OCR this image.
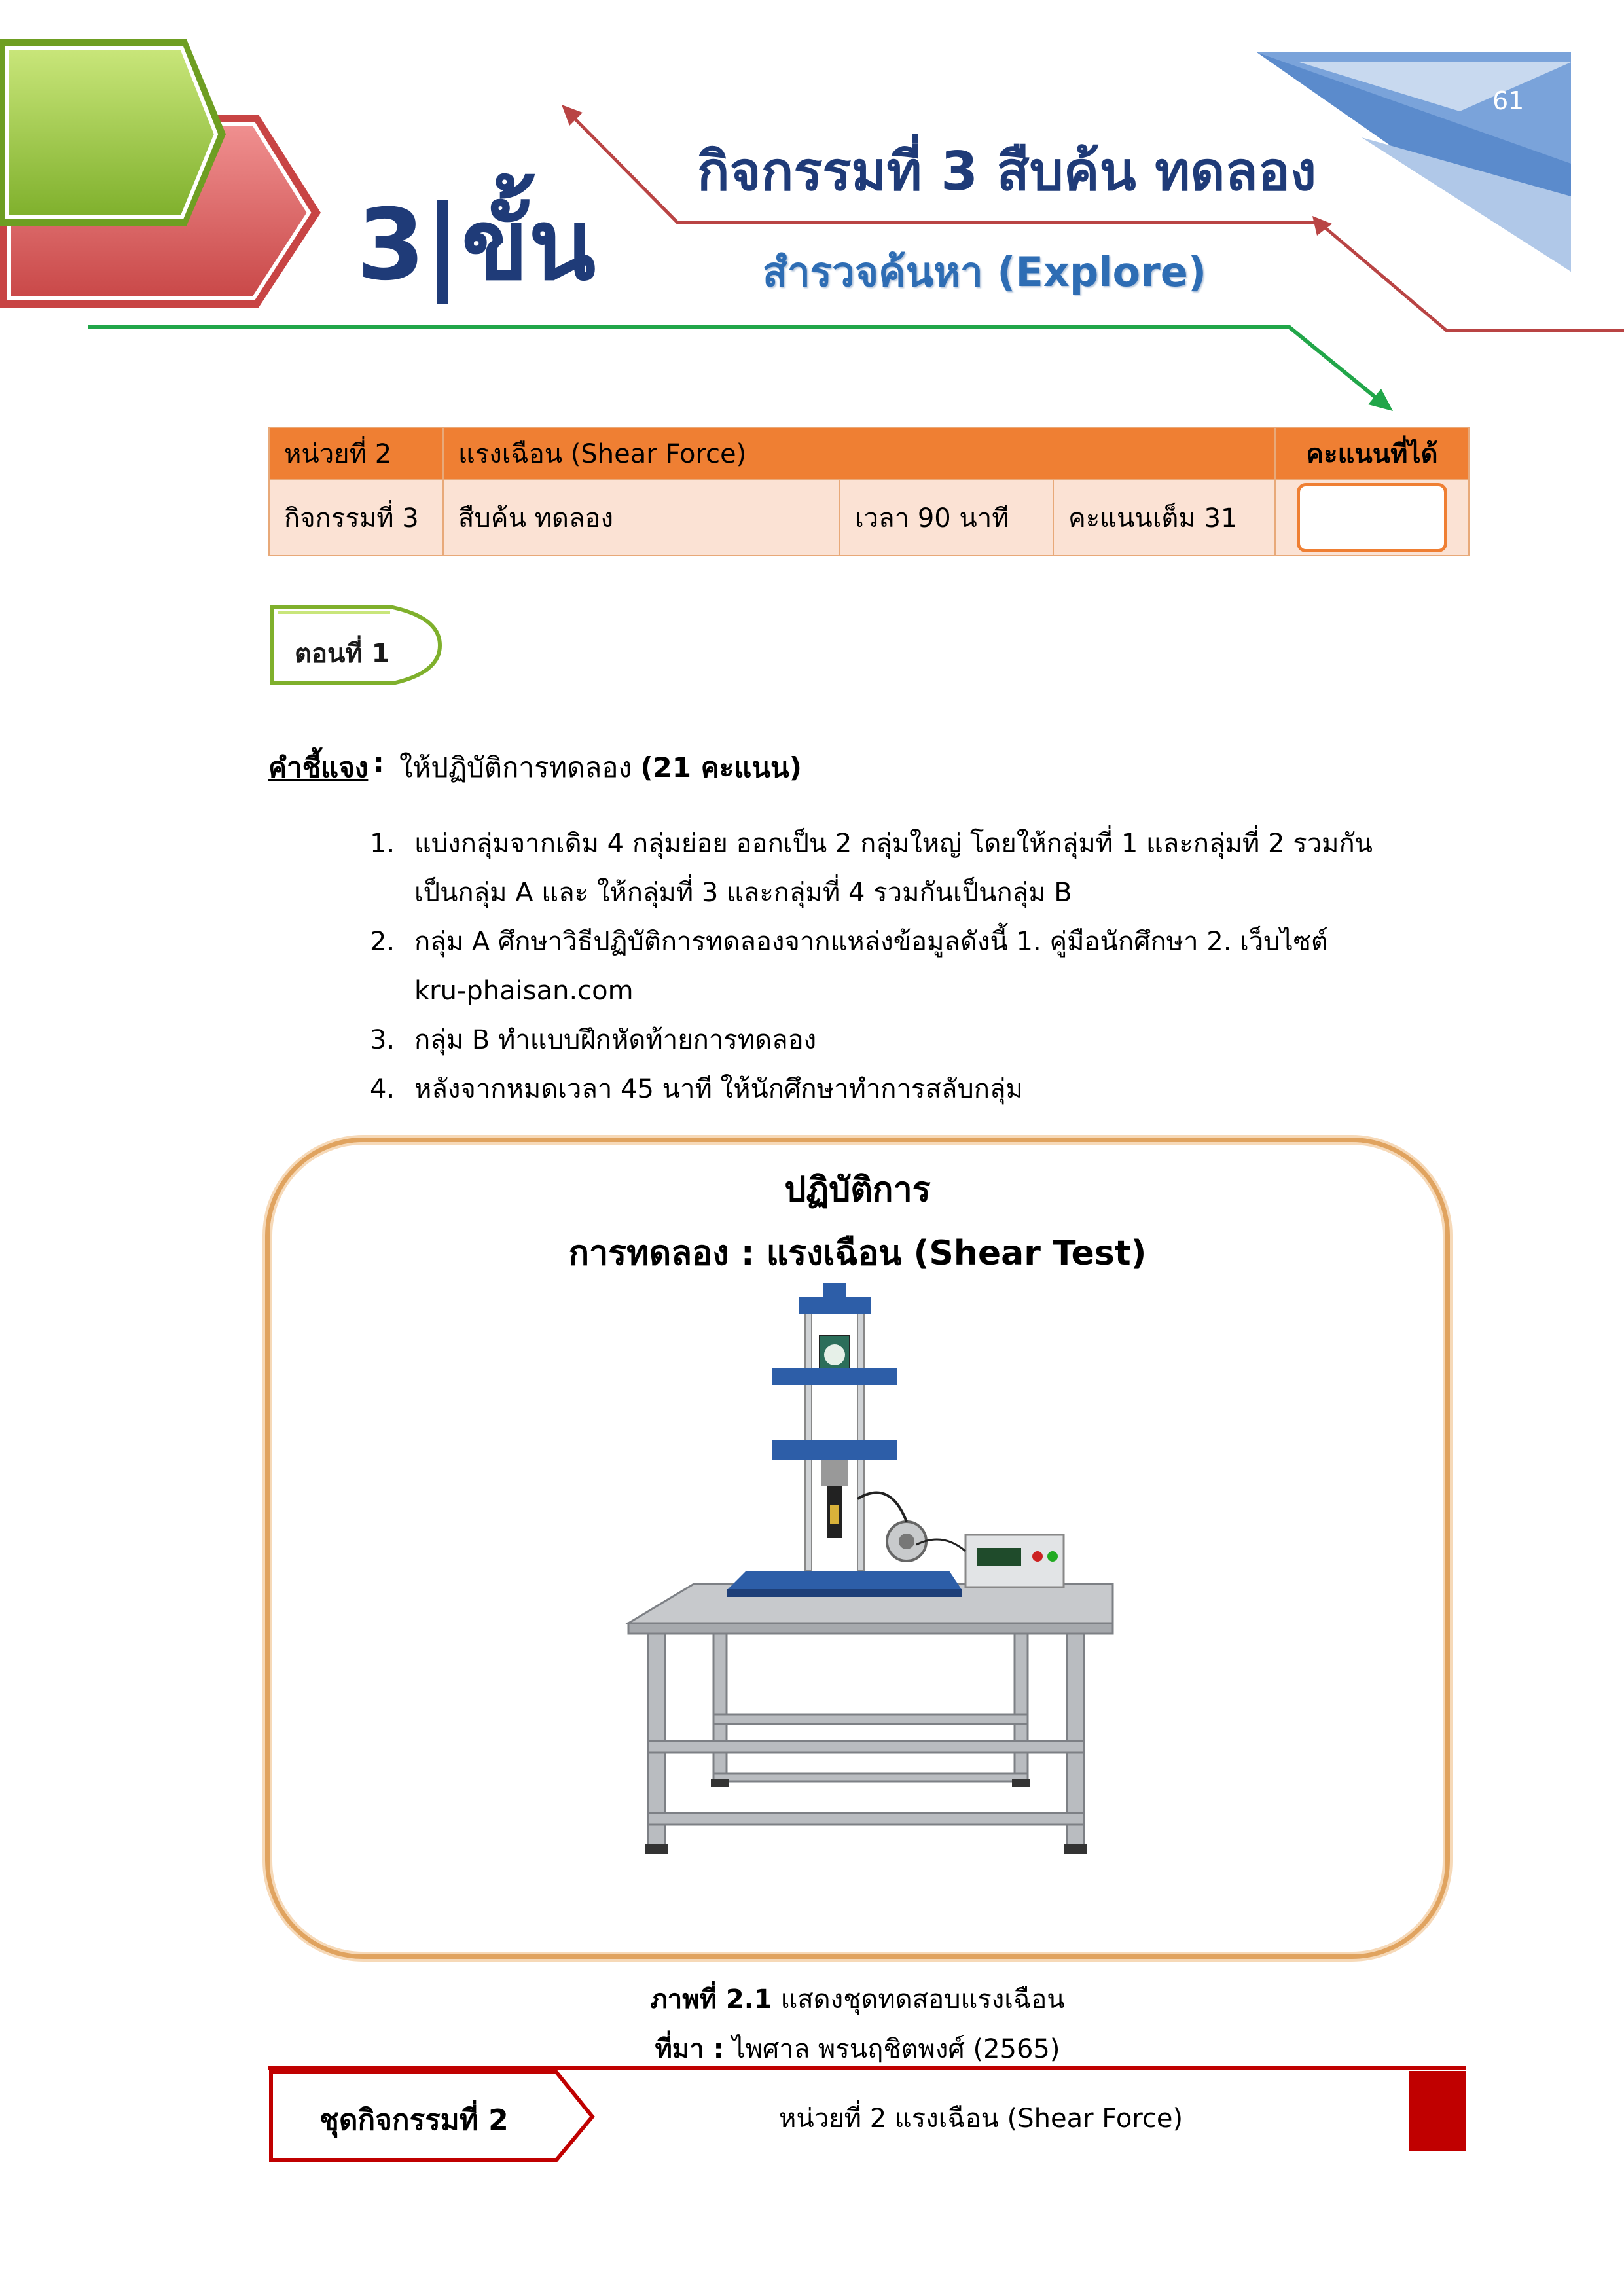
61
3 ขั้น
กิจกรรมที่ 3 สืบค้น ทดลอง
สำรวจค้นหา (Explore)
หน่วยที่ 2	แรงเฉือน (Shear Force)			คะแนนที่ได้
กิจกรรมที่ 3	สืบค้น ทดลอง	เวลา 90 นาที	คะแนนเต็ม 31	
ตอนที่ 1
คำชี้แจง : ให้ปฏิบัติการทดลอง (21 คะแนน)
1. แบ่งกลุ่มจากเดิม 4 กลุ่มย่อย ออกเป็น 2 กลุ่มใหญ่ โดยให้กลุ่มที่ 1 และกลุ่มที่ 2 รวมกัน
เป็นกลุ่ม A และ ให้กลุ่มที่ 3 และกลุ่มที่ 4 รวมกันเป็นกลุ่ม B
2. กลุ่ม A ศึกษาวิธีปฏิบัติการทดลองจากแหล่งข้อมูลดังนี้ 1. คู่มือนักศึกษา 2. เว็บไซต์
kru-phaisan.com
3. กลุ่ม B ทำแบบฝึกหัดท้ายการทดลอง
4. หลังจากหมดเวลา 45 นาที ให้นักศึกษาทำการสลับกลุ่ม
ปฏิบัติการ
การทดลอง : แรงเฉือน (Shear Test)
ภาพที่ 2.1 แสดงชุดทดสอบแรงเฉือน
ที่มา : ไพศาล พรนฤชิตพงศ์ (2565)
ชุดกิจกรรมที่ 2	หน่วยที่ 2 แรงเฉือน (Shear Force)
